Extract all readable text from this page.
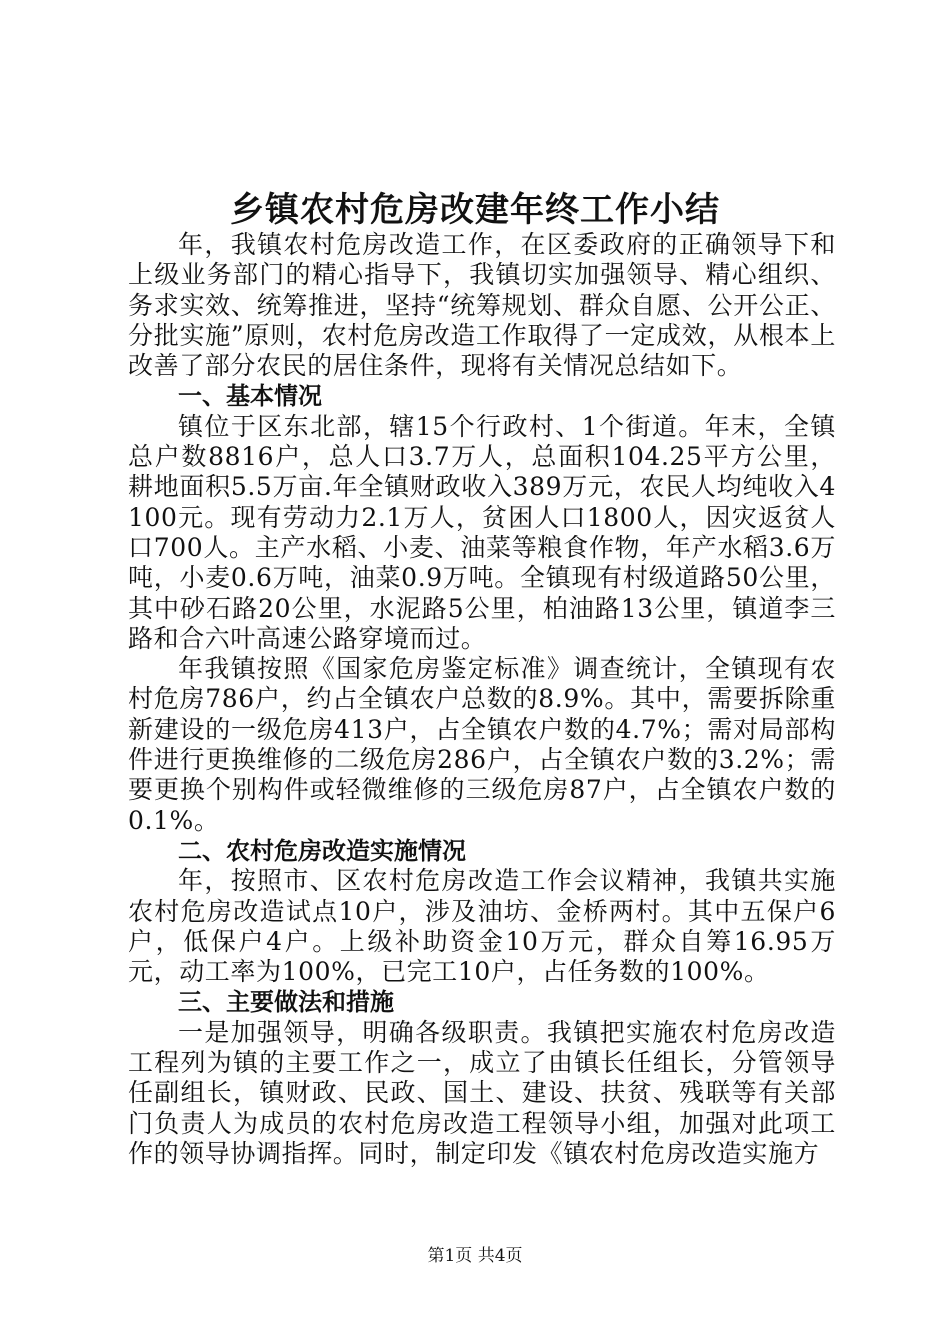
乡镇农村危房改建年终工作小结

年，我镇农村危房改造工作，在区委政府的正确领导下和上级业务部门的精心指导下，我镇切实加强领导、精心组织、务求实效、统筹推进，坚持“统筹规划、群众自愿、公开公正、分批实施”原则，农村危房改造工作取得了一定成效，从根本上改善了部分农民的居住条件，现将有关情况总结如下。

一、基本情况

镇位于区东北部，辖15个行政村、1个街道。年末，全镇总户数8816户，总人口3.7万人，总面积104.25平方公里，耕地面积5.5万亩.年全镇财政收入389万元，农民人均纯收入4100元。现有劳动力2.1万人，贫困人口1800人，因灾返贫人口700人。主产水稻、小麦、油菜等粮食作物，年产水稻3.6万吨，小麦0.6万吨，油菜0.9万吨。全镇现有村级道路50公里，其中砂石路20公里，水泥路5公里，柏油路13公里，镇道李三路和合六叶高速公路穿境而过。

年我镇按照《国家危房鉴定标准》调查统计，全镇现有农村危房786户，约占全镇农户总数的8.9%。其中，需要拆除重新建设的一级危房413户，占全镇农户数的4.7%；需对局部构件进行更换维修的二级危房286户，占全镇农户数的3.2%；需要更换个别构件或轻微维修的三级危房87户，占全镇农户数的0.1%。

二、农村危房改造实施情况

年，按照市、区农村危房改造工作会议精神，我镇共实施农村危房改造试点10户，涉及油坊、金桥两村。其中五保户6户，低保户4户。上级补助资金10万元，群众自筹16.95万元，动工率为100%，已完工10户，占任务数的100%。

三、主要做法和措施

一是加强领导，明确各级职责。我镇把实施农村危房改造工程列为镇的主要工作之一，成立了由镇长任组长，分管领导任副组长，镇财政、民政、国土、建设、扶贫、残联等有关部门负责人为成员的农村危房改造工程领导小组，加强对此项工作的领导协调指挥。同时，制定印发《镇农村危房改造实施方

第1页 共4页
